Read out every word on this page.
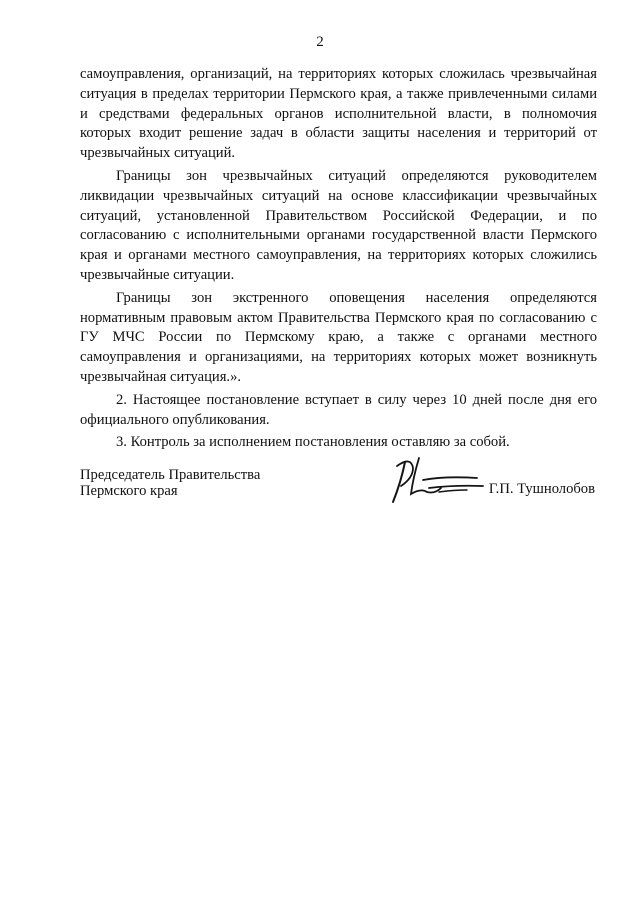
2

самоуправления, организаций, на территориях которых сложилась чрезвычайная ситуация в пределах территории Пермского края, а также привлеченными силами и средствами федеральных органов исполнительной власти, в полномочия которых входит решение задач в области защиты населения и территорий от чрезвычайных ситуаций.

Границы зон чрезвычайных ситуаций определяются руководителем ликвидации чрезвычайных ситуаций на основе классификации чрезвычайных ситуаций, установленной Правительством Российской Федерации, и по согласованию с исполнительными органами государственной власти Пермского края и органами местного самоуправления, на территориях которых сложились чрезвычайные ситуации.

Границы зон экстренного оповещения населения определяются нормативным правовым актом Правительства Пермского края по согласованию с ГУ МЧС России по Пермскому краю, а также с органами местного самоуправления и организациями, на территориях которых может возникнуть чрезвычайная ситуация.».

2. Настоящее постановление вступает в силу через 10 дней после дня его официального опубликования.

3. Контроль за исполнением постановления оставляю за собой.

Председатель Правительства
Пермского края	Г.П. Тушнолобов
